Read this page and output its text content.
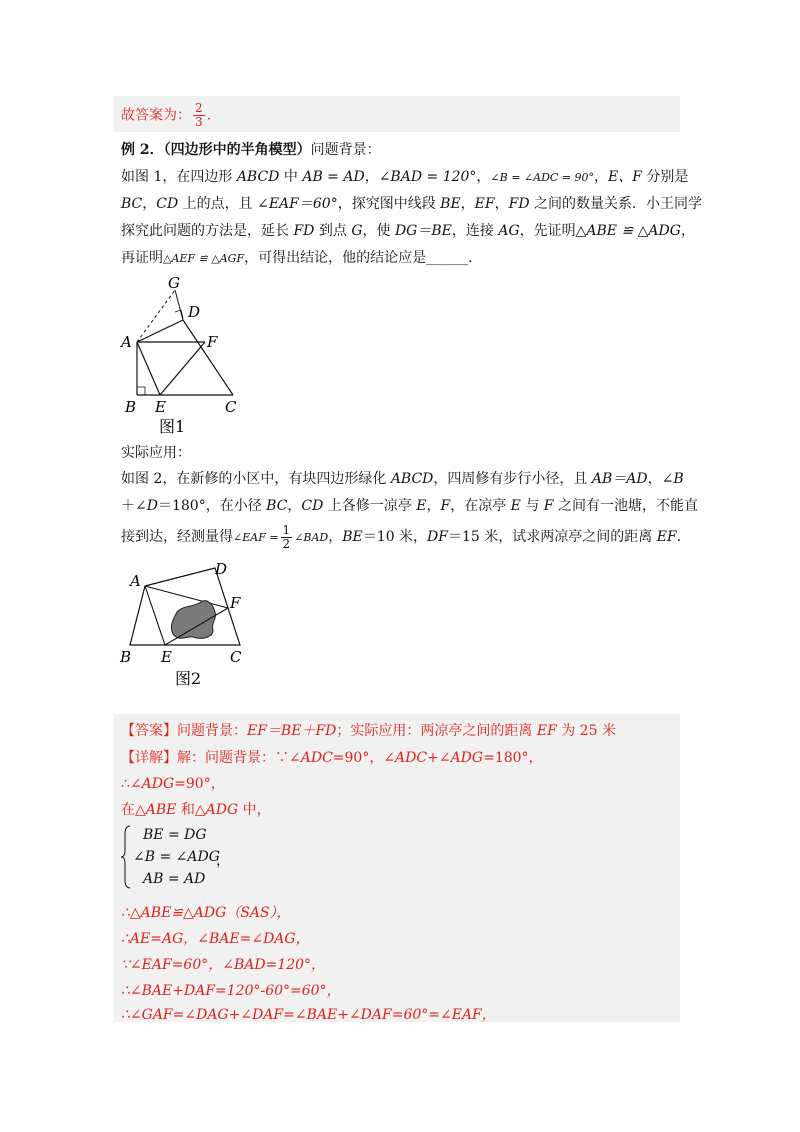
故答案为： $\frac{2}{3}$ .
例 2．（四边形中的半角模型）问题背景：
如图 1，在四边形 ABCD 中 AB = AD，∠BAD = 120°，∠B = ∠ADC = 90°，E、F 分别是
BC，CD 上的点，且 ∠EAF＝60°，探究图中线段 BE，EF，FD 之间的数量关系．小王同学
探究此问题的方法是，延长 FD 到点 G，使 DG＝BE，连接 AG，先证明△ABE ≌ △ADG，
再证明△AEF ≌ △AGF，可得出结论，他的结论应是______．
G
D
A	F
B E	C
图1
实际应用：
如图 2，在新修的小区中，有块四边形绿化 ABCD，四周修有步行小径，且 AB＝AD，∠B
＋∠D＝180°，在小径 BC，CD 上各修一凉亭 E，F，在凉亭 E 与 F 之间有一池塘，不能直
接到达，经测量得∠EAF = $\frac{1}{2}$ ∠BAD，BE＝10 米，DF＝15 米，试求两凉亭之间的距离 EF．
A
D
F
B E	C
图2
【答案】问题背景：EF＝BE＋FD；实际应用：两凉亭之间的距离 EF 为 25 米
【详解】解：问题背景：∵∠ADC=90°，∠ADC+∠ADG=180°，
∴∠ADG=90°，
在△ABE 和△ADG 中，
BE = DG
∠B = ∠ADG
AB = AD
，
∴△ABE≌△ADG（SAS），
∴AE=AG，∠BAE=∠DAG，
∵∠EAF=60°，∠BAD=120°，
∴∠BAE+DAF=120°-60°=60°，
∴∠GAF=∠DAG+∠DAF=∠BAE+∠DAF=60°=∠EAF，
